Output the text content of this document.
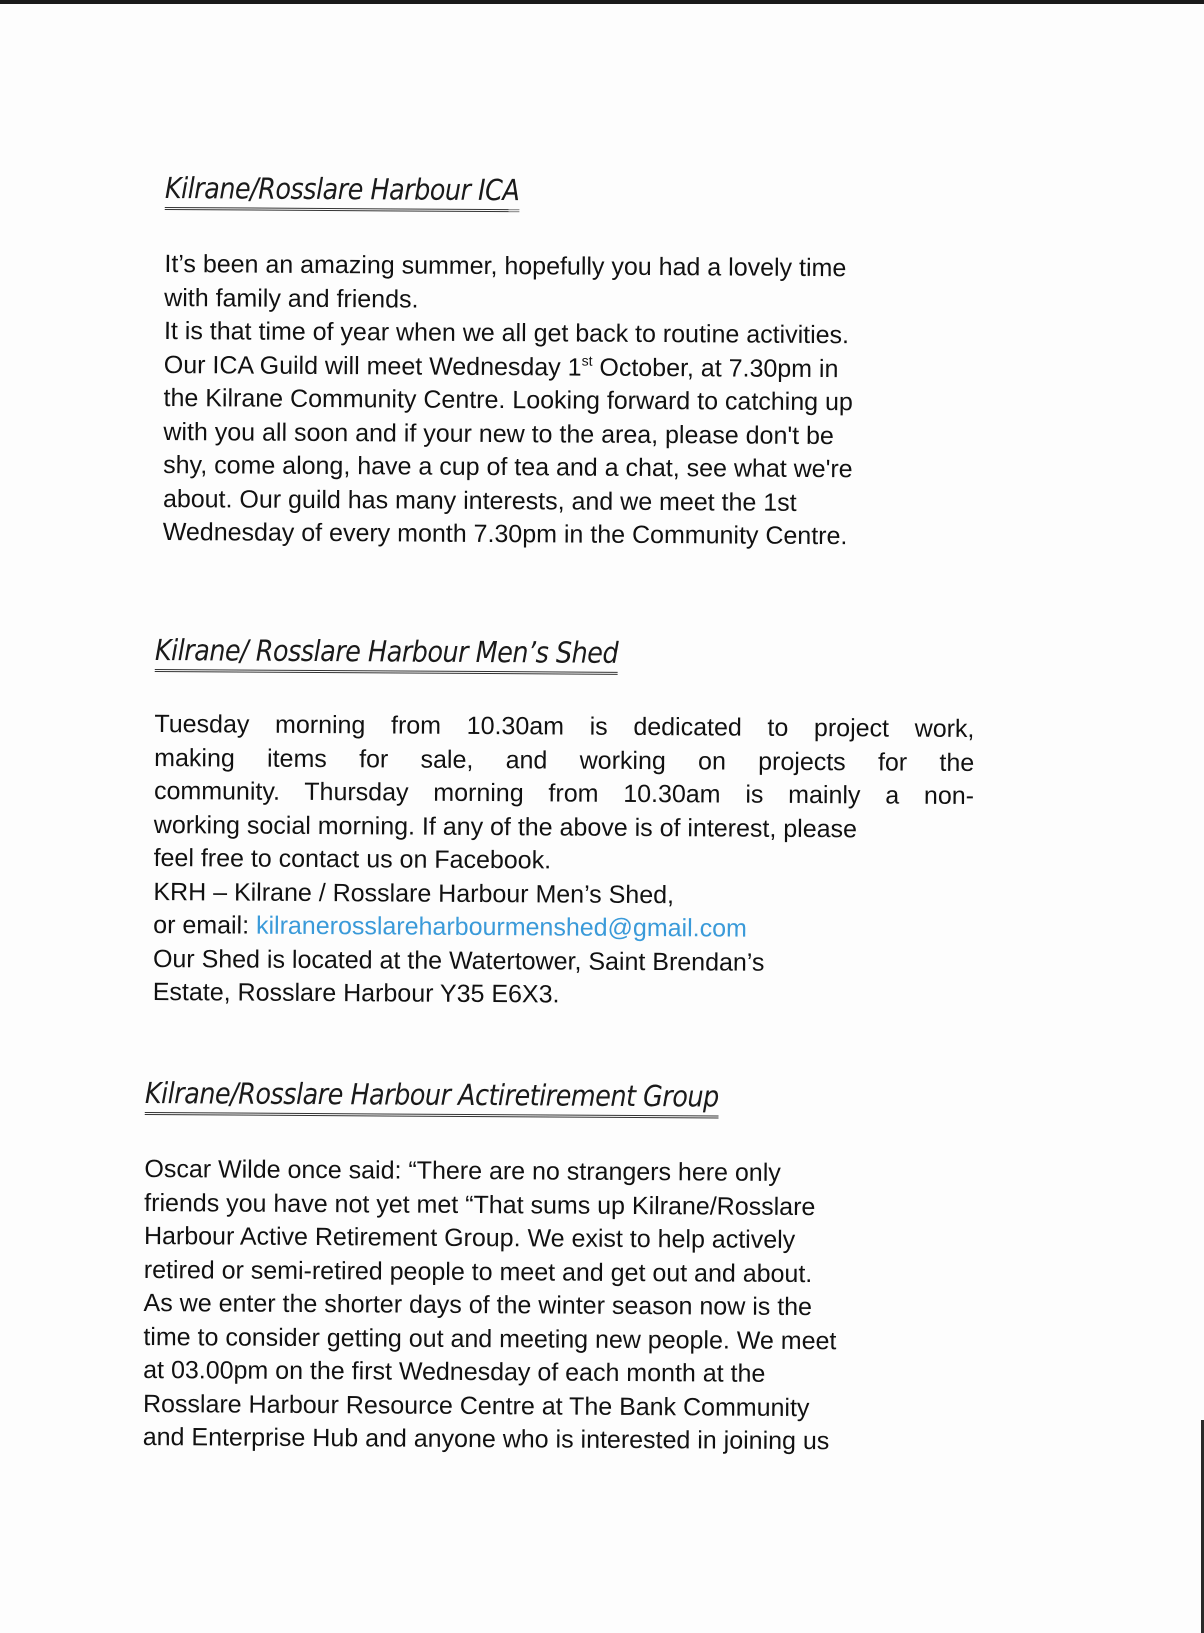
Kilrane/Rosslare Harbour ICA
It’s been an amazing summer, hopefully you had a lovely time
with family and friends.
It is that time of year when we all get back to routine activities.
Our ICA Guild will meet Wednesday 1st October, at 7.30pm in
the Kilrane Community Centre. Looking forward to catching up
with you all soon and if your new to the area, please don't be
shy, come along, have a cup of tea and a chat, see what we're
about. Our guild has many interests, and we meet the 1st
Wednesday of every month 7.30pm in the Community Centre.
Kilrane/ Rosslare Harbour Men’s Shed
Tuesday morning from 10.30am is dedicated to project work,
making items for sale, and working on projects for the
community. Thursday morning from 10.30am is mainly a non-
working social morning. If any of the above is of interest, please
feel free to contact us on Facebook.
KRH – Kilrane / Rosslare Harbour Men’s Shed,
or email: kilranerosslareharbourmenshed@gmail.com
Our Shed is located at the Watertower, Saint Brendan’s
Estate, Rosslare Harbour Y35 E6X3.
Kilrane/Rosslare Harbour Actiretirement Group
Oscar Wilde once said: “There are no strangers here only
friends you have not yet met “That sums up Kilrane/Rosslare
Harbour Active Retirement Group. We exist to help actively
retired or semi-retired people to meet and get out and about.
As we enter the shorter days of the winter season now is the
time to consider getting out and meeting new people. We meet
at 03.00pm on the first Wednesday of each month at the
Rosslare Harbour Resource Centre at The Bank Community
and Enterprise Hub and anyone who is interested in joining us
